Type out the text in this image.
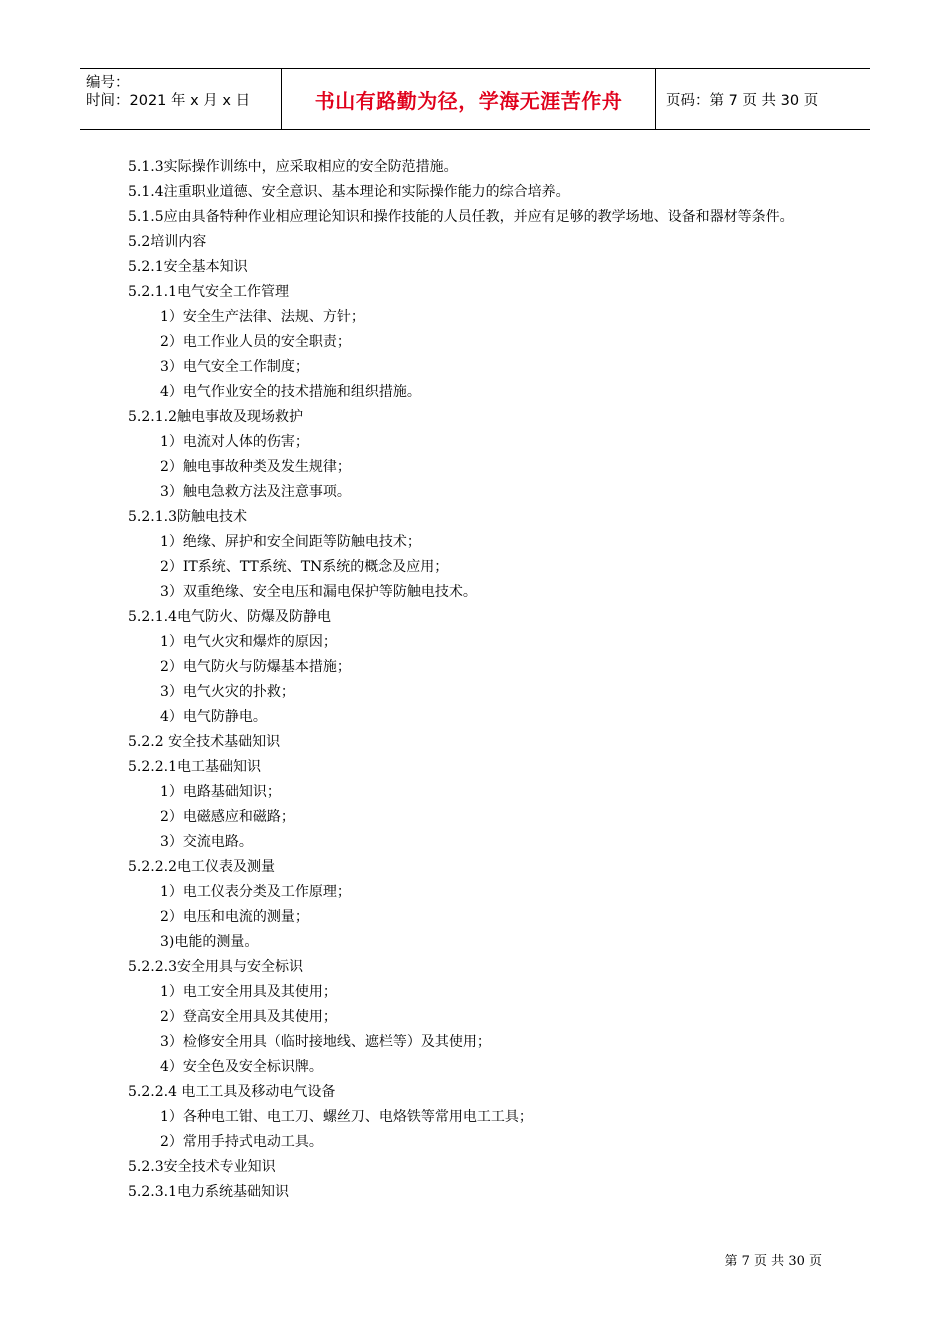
编号：
时间：2021 年 x 月 x 日	书山有路勤为径，学海无涯苦作舟	页码：第 7 页 共 30 页
5.1.3实际操作训练中，应采取相应的安全防范措施。
5.1.4注重职业道德、安全意识、基本理论和实际操作能力的综合培养。
5.1.5应由具备特种作业相应理论知识和操作技能的人员任教，并应有足够的教学场地、设备和器材等条件。
5.2培训内容
5.2.1安全基本知识
5.2.1.1电气安全工作管理
1）安全生产法律、法规、方针；
2）电工作业人员的安全职责；
3）电气安全工作制度；
4）电气作业安全的技术措施和组织措施。
5.2.1.2触电事故及现场救护
1）电流对人体的伤害；
2）触电事故种类及发生规律；
3）触电急救方法及注意事项。
5.2.1.3防触电技术
1）绝缘、屏护和安全间距等防触电技术；
2）IT系统、TT系统、TN系统的概念及应用；
3）双重绝缘、安全电压和漏电保护等防触电技术。
5.2.1.4电气防火、防爆及防静电
1）电气火灾和爆炸的原因；
2）电气防火与防爆基本措施；
3）电气火灾的扑救；
4）电气防静电。
5.2.2 安全技术基础知识
5.2.2.1电工基础知识
1）电路基础知识；
2）电磁感应和磁路；
3）交流电路。
5.2.2.2电工仪表及测量
1）电工仪表分类及工作原理；
2）电压和电流的测量；
3)电能的测量。
5.2.2.3安全用具与安全标识
1）电工安全用具及其使用；
2）登高安全用具及其使用；
3）检修安全用具（临时接地线、遮栏等）及其使用；
4）安全色及安全标识牌。
5.2.2.4 电工工具及移动电气设备
1）各种电工钳、电工刀、螺丝刀、电烙铁等常用电工工具；
2）常用手持式电动工具。
5.2.3安全技术专业知识
5.2.3.1电力系统基础知识
第 7 页 共 30 页
